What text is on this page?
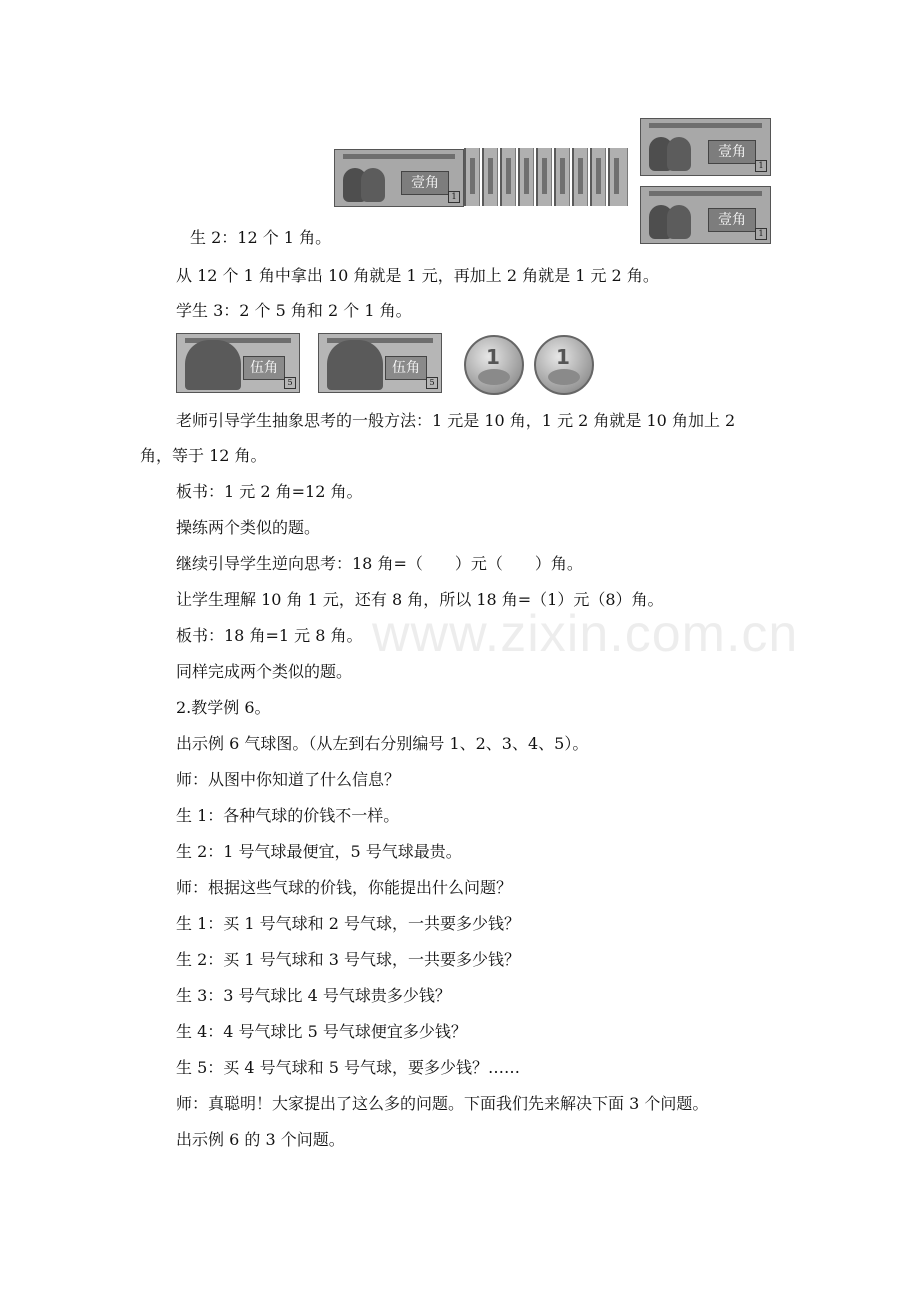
壹角
1
壹角
1
壹角
1
生 2：12 个 1 角。
从 12 个 1 角中拿出 10 角就是 1 元，再加上 2 角就是 1 元 2 角。
学生 3：2 个 5 角和 2 个 1 角。
伍角
5
伍角
5
1	1
老师引导学生抽象思考的一般方法：1 元是 10 角，1 元 2 角就是 10 角加上 2
角，等于 12 角。
板书：1 元 2 角=12 角。
操练两个类似的题。
继续引导学生逆向思考：18 角=（　　）元（　　）角。
让学生理解 10 角 1 元，还有 8 角，所以 18 角=（1）元（8）角。
板书：18 角=1 元 8 角。
同样完成两个类似的题。
2.教学例 6。
出示例 6 气球图。（从左到右分别编号 1、2、3、4、5）。
师：从图中你知道了什么信息？
生 1：各种气球的价钱不一样。
生 2：1 号气球最便宜，5 号气球最贵。
师：根据这些气球的价钱，你能提出什么问题？
生 1：买 1 号气球和 2 号气球，一共要多少钱？
生 2：买 1 号气球和 3 号气球，一共要多少钱？
生 3：3 号气球比 4 号气球贵多少钱？
生 4：4 号气球比 5 号气球便宜多少钱？
生 5：买 4 号气球和 5 号气球，要多少钱？……
师：真聪明！大家提出了这么多的问题。下面我们先来解决下面 3 个问题。
出示例 6 的 3 个问题。
www.zixin.com.cn
